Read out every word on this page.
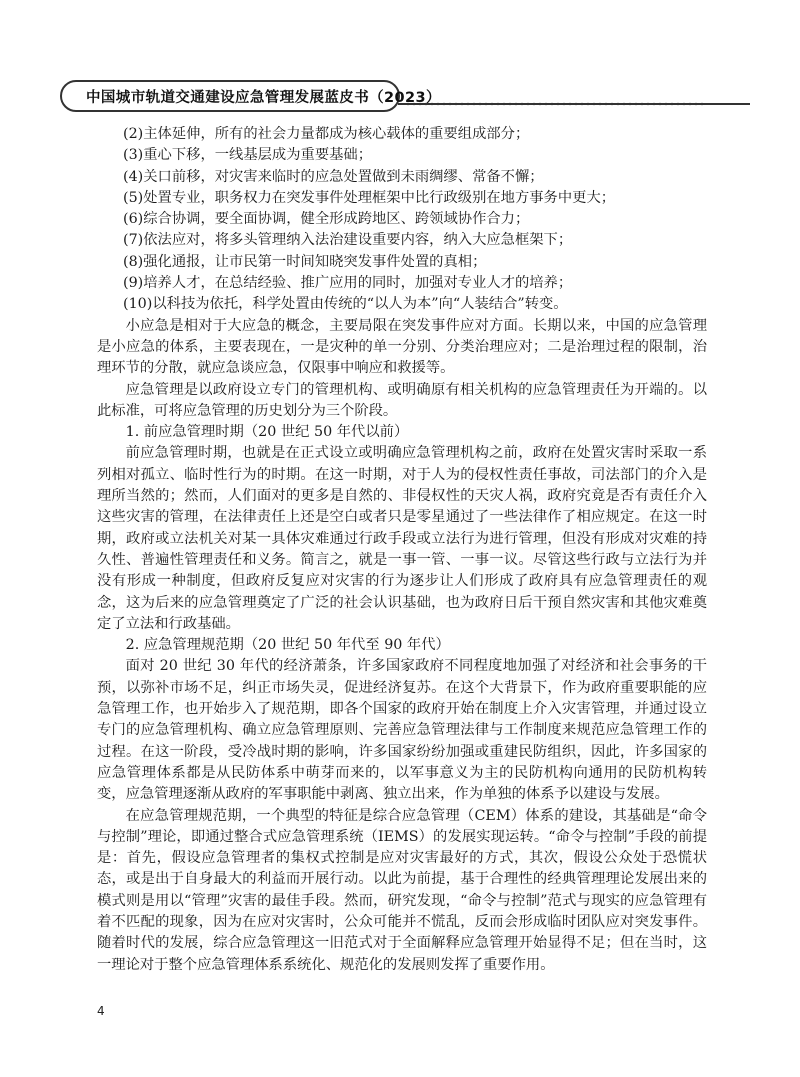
中国城市轨道交通建设应急管理发展蓝皮书（2023）

(2)主体延伸，所有的社会力量都成为核心载体的重要组成部分；

(3)重心下移，一线基层成为重要基础；

(4)关口前移，对灾害来临时的应急处置做到未雨绸缪、常备不懈；

(5)处置专业，职务权力在突发事件处理框架中比行政级别在地方事务中更大；

(6)综合协调，要全面协调，健全形成跨地区、跨领域协作合力；

(7)依法应对，将多头管理纳入法治建设重要内容，纳入大应急框架下；

(8)强化通报，让市民第一时间知晓突发事件处置的真相；

(9)培养人才，在总结经验、推广应用的同时，加强对专业人才的培养；

(10)以科技为依托，科学处置由传统的“以人为本”向“人装结合”转变。

小应急是相对于大应急的概念，主要局限在突发事件应对方面。长期以来，中国的应急管理是小应急的体系，主要表现在，一是灾种的单一分别、分类治理应对；二是治理过程的限制，治理环节的分散，就应急谈应急，仅限事中响应和救援等。

应急管理是以政府设立专门的管理机构、或明确原有相关机构的应急管理责任为开端的。以此标准，可将应急管理的历史划分为三个阶段。

1. 前应急管理时期（20 世纪 50 年代以前）

前应急管理时期，也就是在正式设立或明确应急管理机构之前，政府在处置灾害时采取一系列相对孤立、临时性行为的时期。在这一时期，对于人为的侵权性责任事故，司法部门的介入是理所当然的；然而，人们面对的更多是自然的、非侵权性的天灾人祸，政府究竟是否有责任介入这些灾害的管理，在法律责任上还是空白或者只是零星通过了一些法律作了相应规定。在这一时期，政府或立法机关对某一具体灾难通过行政手段或立法行为进行管理，但没有形成对灾难的持久性、普遍性管理责任和义务。简言之，就是一事一管、一事一议。尽管这些行政与立法行为并没有形成一种制度，但政府反复应对灾害的行为逐步让人们形成了政府具有应急管理责任的观念，这为后来的应急管理奠定了广泛的社会认识基础，也为政府日后干预自然灾害和其他灾难奠定了立法和行政基础。

2. 应急管理规范期（20 世纪 50 年代至 90 年代）

面对 20 世纪 30 年代的经济萧条，许多国家政府不同程度地加强了对经济和社会事务的干预，以弥补市场不足，纠正市场失灵，促进经济复苏。在这个大背景下，作为政府重要职能的应急管理工作，也开始步入了规范期，即各个国家的政府开始在制度上介入灾害管理，并通过设立专门的应急管理机构、确立应急管理原则、完善应急管理法律与工作制度来规范应急管理工作的过程。在这一阶段，受冷战时期的影响，许多国家纷纷加强或重建民防组织，因此，许多国家的应急管理体系都是从民防体系中萌芽而来的，以军事意义为主的民防机构向通用的民防机构转变，应急管理逐渐从政府的军事职能中剥离、独立出来，作为单独的体系予以建设与发展。

在应急管理规范期，一个典型的特征是综合应急管理（CEM）体系的建设，其基础是“命令与控制”理论，即通过整合式应急管理系统（IEMS）的发展实现运转。“命令与控制”手段的前提是：首先，假设应急管理者的集权式控制是应对灾害最好的方式，其次，假设公众处于恐慌状态，或是出于自身最大的利益而开展行动。以此为前提，基于合理性的经典管理理论发展出来的模式则是用以“管理”灾害的最佳手段。然而，研究发现，“命令与控制”范式与现实的应急管理有着不匹配的现象，因为在应对灾害时，公众可能并不慌乱，反而会形成临时团队应对突发事件。随着时代的发展，综合应急管理这一旧范式对于全面解释应急管理开始显得不足；但在当时，这一理论对于整个应急管理体系系统化、规范化的发展则发挥了重要作用。

4
